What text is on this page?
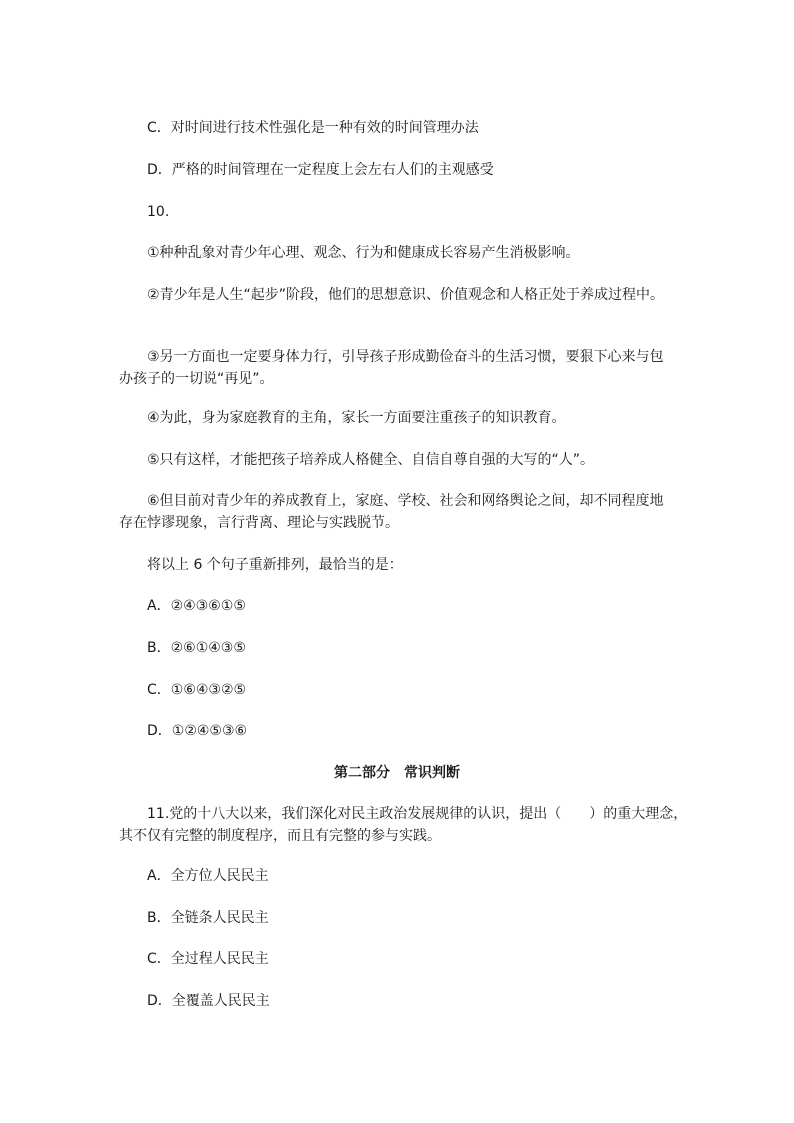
C．对时间进行技术性强化是一种有效的时间管理办法
D．严格的时间管理在一定程度上会左右人们的主观感受
10.
①种种乱象对青少年心理、观念、行为和健康成长容易产生消极影响。
②青少年是人生“起步”阶段，他们的思想意识、价值观念和人格正处于养成过程中。
③另一方面也一定要身体力行，引导孩子形成勤俭奋斗的生活习惯，要狠下心来与包
办孩子的一切说“再见”。
④为此，身为家庭教育的主角，家长一方面要注重孩子的知识教育。
⑤只有这样，才能把孩子培养成人格健全、自信自尊自强的大写的“人”。
⑥但目前对青少年的养成教育上，家庭、学校、社会和网络舆论之间，却不同程度地
存在悖谬现象，言行背离、理论与实践脱节。
将以上 6 个句子重新排列，最恰当的是：
A．②④③⑥①⑤
B．②⑥①④③⑤
C．①⑥④③②⑤
D．①②④⑤③⑥
第二部分　常识判断
11.党的十八大以来，我们深化对民主政治发展规律的认识，提出（　　）的重大理念，
其不仅有完整的制度程序，而且有完整的参与实践。
A．全方位人民民主
B．全链条人民民主
C．全过程人民民主
D．全覆盖人民民主
